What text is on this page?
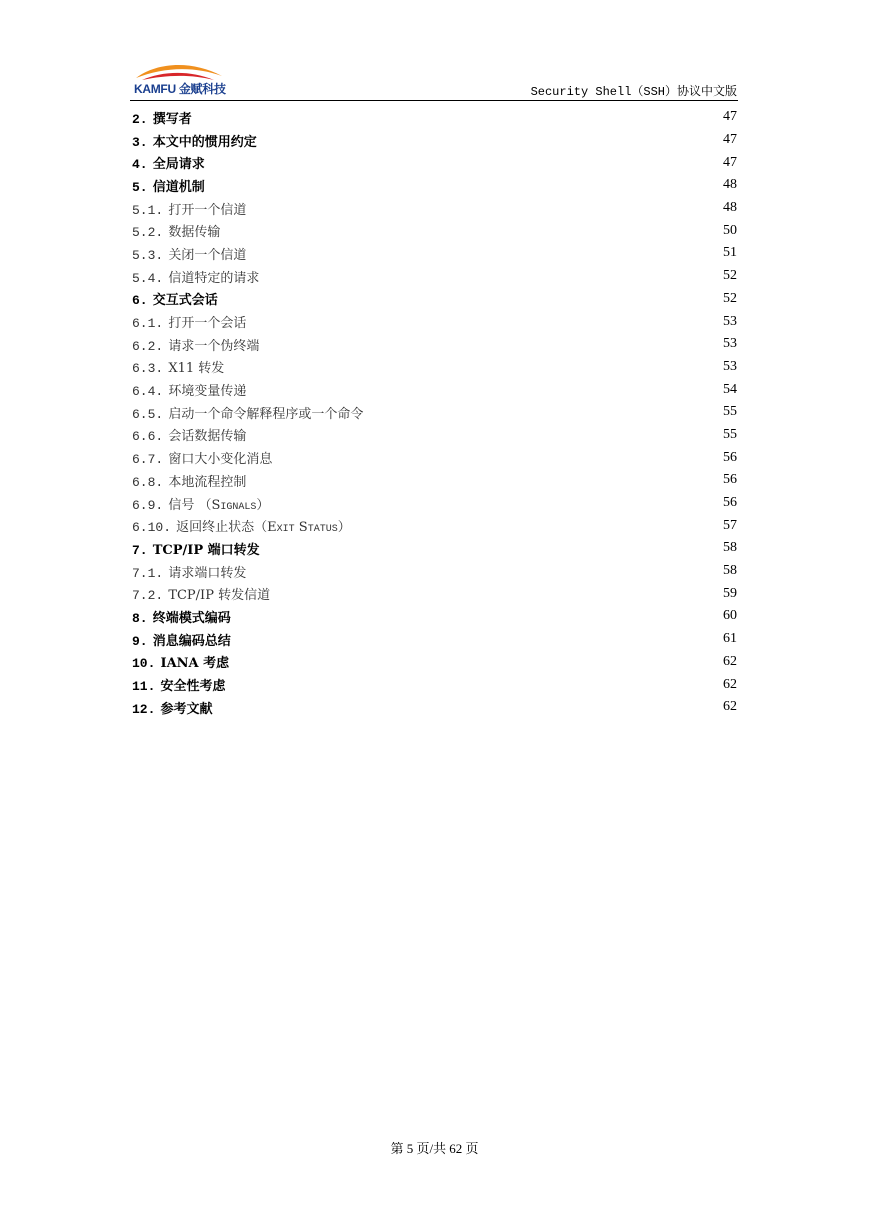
KAMFU 金赋科技	Security Shell（SSH）协议中文版
2. 撰写者	47
3. 本文中的惯用约定	47
4. 全局请求	47
5. 信道机制	48
5.1. 打开一个信道	48
5.2. 数据传输	50
5.3. 关闭一个信道	51
5.4. 信道特定的请求	52
6. 交互式会话	52
6.1. 打开一个会话	53
6.2. 请求一个伪终端	53
6.3. X11 转发	53
6.4. 环境变量传递	54
6.5. 启动一个命令解释程序或一个命令	55
6.6. 会话数据传输	55
6.7. 窗口大小变化消息	56
6.8. 本地流程控制	56
6.9. 信号 （SIGNALS）	56
6.10. 返回终止状态（EXIT STATUS）	57
7. TCP/IP 端口转发	58
7.1. 请求端口转发	58
7.2. TCP/IP 转发信道	59
8. 终端模式编码	60
9. 消息编码总结	61
10. IANA 考虑	62
11. 安全性考虑	62
12. 参考文献	62
第 5 页/共 62 页
